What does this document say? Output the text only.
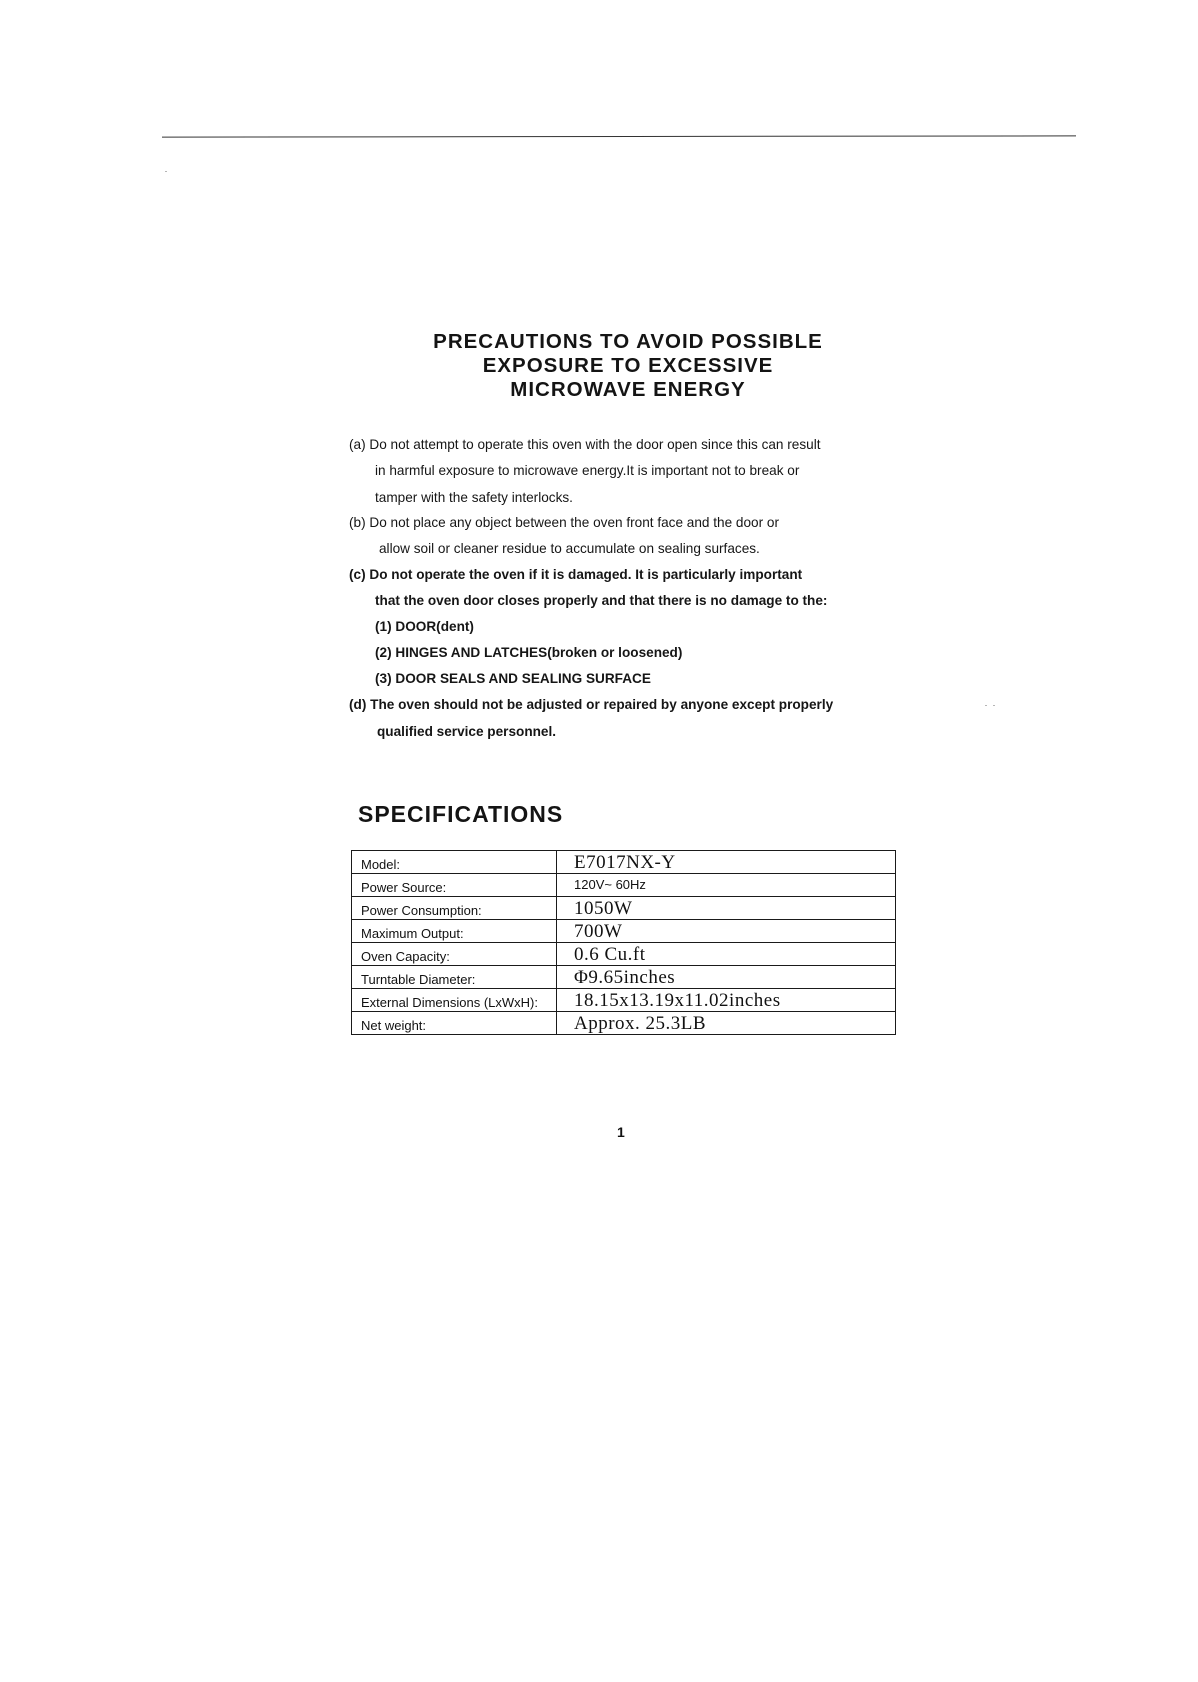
PRECAUTIONS TO AVOID POSSIBLE
EXPOSURE TO EXCESSIVE
MICROWAVE ENERGY
(a) Do not attempt to operate this oven with the door open since this can result
in harmful exposure to microwave energy.It is important not to break or
tamper with the safety interlocks.
(b) Do not place any object between the oven front face and the door or
allow soil or cleaner residue to accumulate on sealing surfaces.
(c) Do not operate the oven if it is damaged. It is particularly important
that the oven door closes properly and that there is no damage to the:
(1) DOOR(dent)
(2) HINGES AND LATCHES(broken or loosened)
(3) DOOR SEALS AND SEALING SURFACE
(d) The oven should not be adjusted or repaired by anyone except properly
qualified service personnel.
SPECIFICATIONS
Model:	E7017NX-Y
Power Source:	120V~ 60Hz
Power Consumption:	1050W
Maximum Output:	700W
Oven Capacity:	0.6 Cu.ft
Turntable Diameter:	Φ9.65inches
External Dimensions (LxWxH):	18.15x13.19x11.02inches
Net weight:	Approx. 25.3LB
1
